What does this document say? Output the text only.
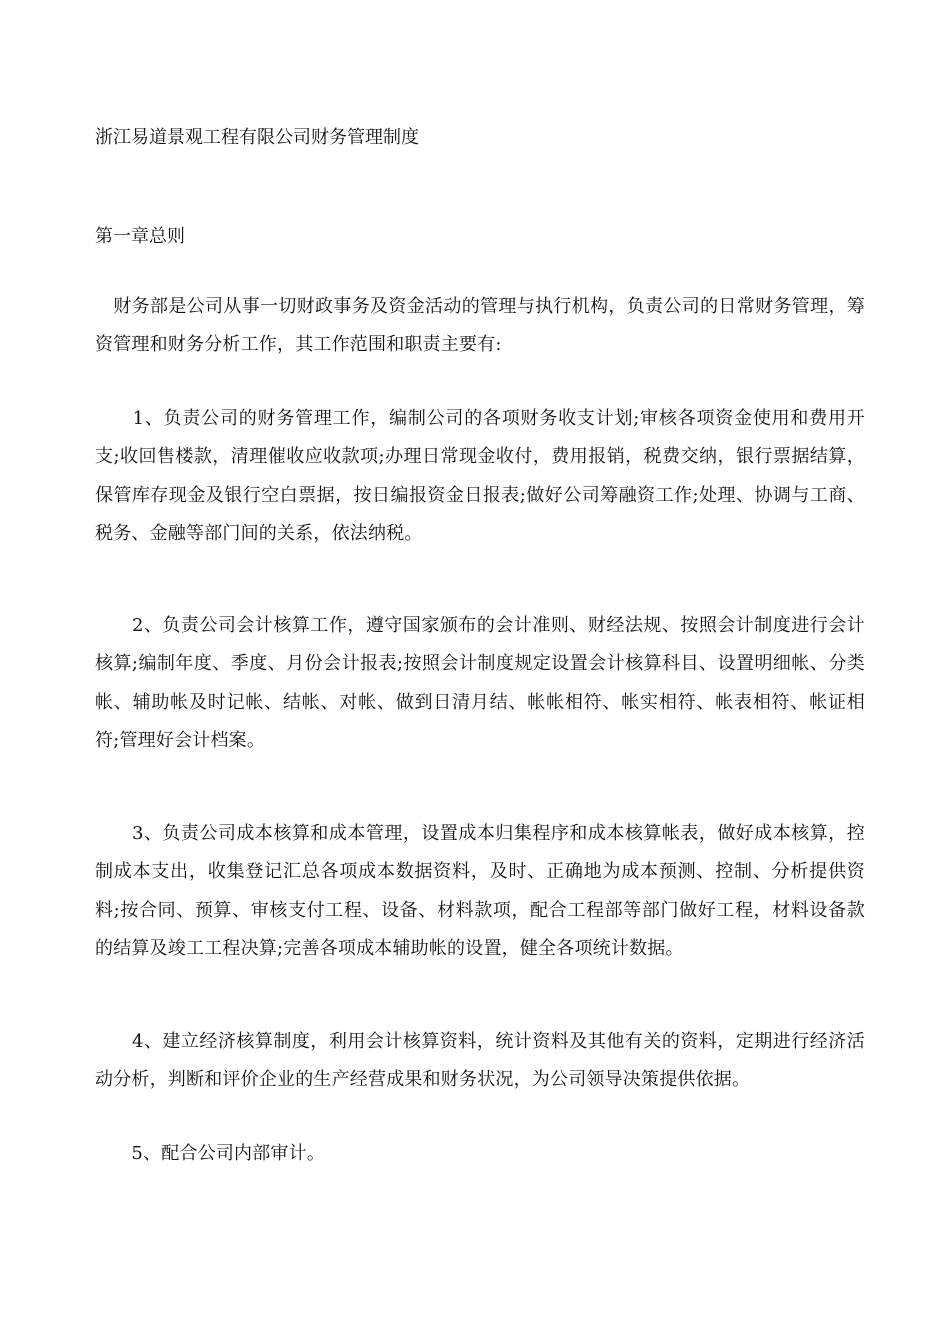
浙江易道景观工程有限公司财务管理制度
第一章总则

　财务部是公司从事一切财政事务及资金活动的管理与执行机构，负责公司的日常财务管理，筹资管理和财务分析工作，其工作范围和职责主要有:

　　1、负责公司的财务管理工作，编制公司的各项财务收支计划;审核各项资金使用和费用开支;收回售楼款，清理催收应收款项;办理日常现金收付，费用报销，税费交纳，银行票据结算，保管库存现金及银行空白票据，按日编报资金日报表;做好公司筹融资工作;处理、协调与工商、税务、金融等部门间的关系，依法纳税。

　　2、负责公司会计核算工作，遵守国家颁布的会计准则、财经法规、按照会计制度进行会计核算;编制年度、季度、月份会计报表;按照会计制度规定设置会计核算科目、设置明细帐、分类帐、辅助帐及时记帐、结帐、对帐、做到日清月结、帐帐相符、帐实相符、帐表相符、帐证相符;管理好会计档案。

　　3、负责公司成本核算和成本管理，设置成本归集程序和成本核算帐表，做好成本核算，控制成本支出，收集登记汇总各项成本数据资料，及时、正确地为成本预测、控制、分析提供资料;按合同、预算、审核支付工程、设备、材料款项，配合工程部等部门做好工程，材料设备款的结算及竣工工程决算;完善各项成本辅助帐的设置，健全各项统计数据。

　　4、建立经济核算制度，利用会计核算资料，统计资料及其他有关的资料，定期进行经济活动分析，判断和评价企业的生产经营成果和财务状况，为公司领导决策提供依据。

　　5、配合公司内部审计。
